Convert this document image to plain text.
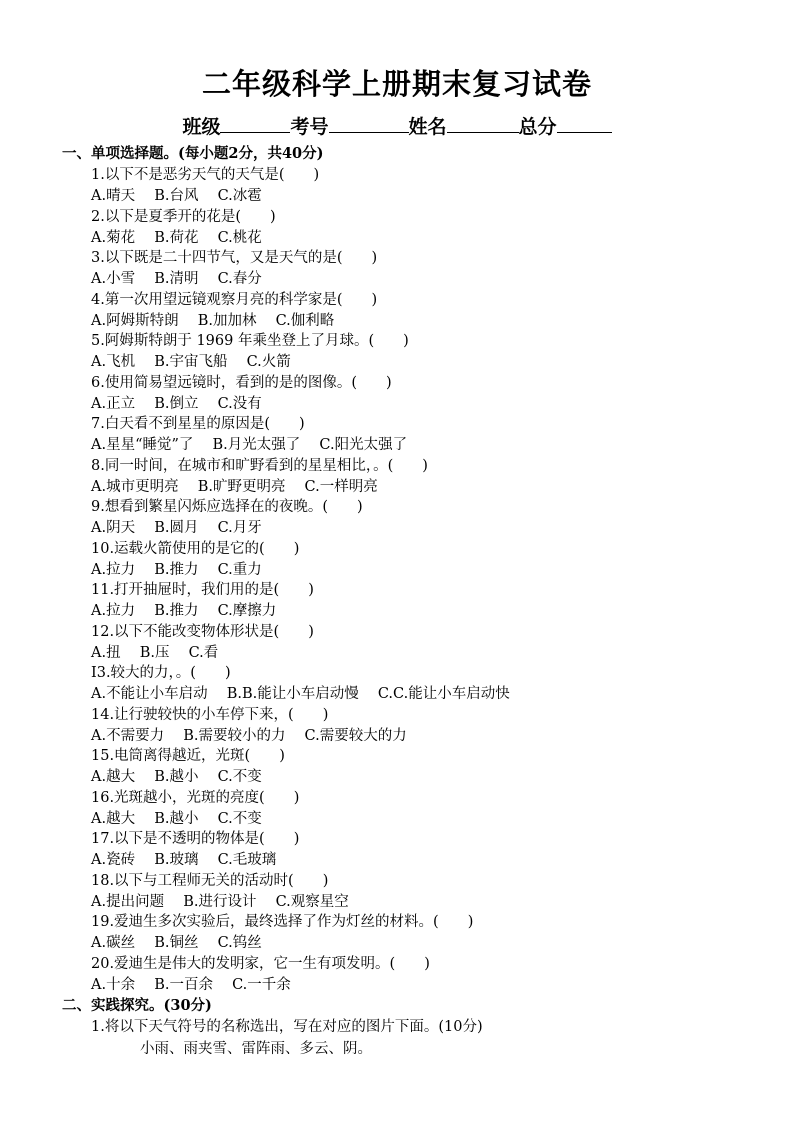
二年级科学上册期末复习试卷
班级	考号	姓名	总分
一、单项选择题。(每小题2分，共40分)
1.以下不是恶劣天气的天气是(　　)
A.晴天　 B.台风　 C.冰雹
2.以下是夏季开的花是(　　)
A.菊花　 B.荷花　 C.桃花
3.以下既是二十四节气，又是天气的是(　　)
A.小雪　 B.清明　 C.春分
4.第一次用望远镜观察月亮的科学家是(　　)
A.阿姆斯特朗　 B.加加林　 C.伽利略
5.阿姆斯特朗于 1969 年乘坐登上了月球。(　　)
A.飞机　 B.宇宙飞船　 C.火箭
6.使用简易望远镜时，看到的是的图像。(　　)
A.正立　 B.倒立　 C.没有
7.白天看不到星星的原因是(　　)
A.星星“睡觉”了　 B.月光太强了　 C.阳光太强了
8.同一时间，在城市和旷野看到的星星相比，。(　　)
A.城市更明亮　 B.旷野更明亮　 C.一样明亮
9.想看到繁星闪烁应选择在的夜晚。(　　)
A.阴天　 B.圆月　 C.月牙
10.运载火箭使用的是它的(　　)
A.拉力　 B.推力　 C.重力
11.打开抽屉时，我们用的是(　　)
A.拉力　 B.推力　 C.摩擦力
12.以下不能改变物体形状是(　　)
A.扭　 B.压　 C.看
I3.较大的力，。(　　)
A.不能让小车启动　 B.B.能让小车启动慢　 C.C.能让小车启动快
14.让行驶较快的小车停下来，(　　)
A.不需要力　 B.需要较小的力　 C.需要较大的力
15.电筒离得越近，光斑(　　)
A.越大　 B.越小　 C.不变
16.光斑越小，光斑的亮度(　　)
A.越大　 B.越小　 C.不变
17.以下是不透明的物体是(　　)
A.瓷砖　 B.玻璃　 C.毛玻璃
18.以下与工程师无关的活动时(　　)
A.提出问题　 B.进行设计　 C.观察星空
19.爱迪生多次实验后，最终选择了作为灯丝的材料。(　　)
A.碳丝　 B.铜丝　 C.钨丝
20.爱迪生是伟大的发明家，它一生有项发明。(　　)
A.十余　 B.一百余　 C.一千余
二、实践探究。(30分)
1.将以下天气符号的名称选出，写在对应的图片下面。(10分)
小雨、雨夹雪、雷阵雨、多云、阴。
